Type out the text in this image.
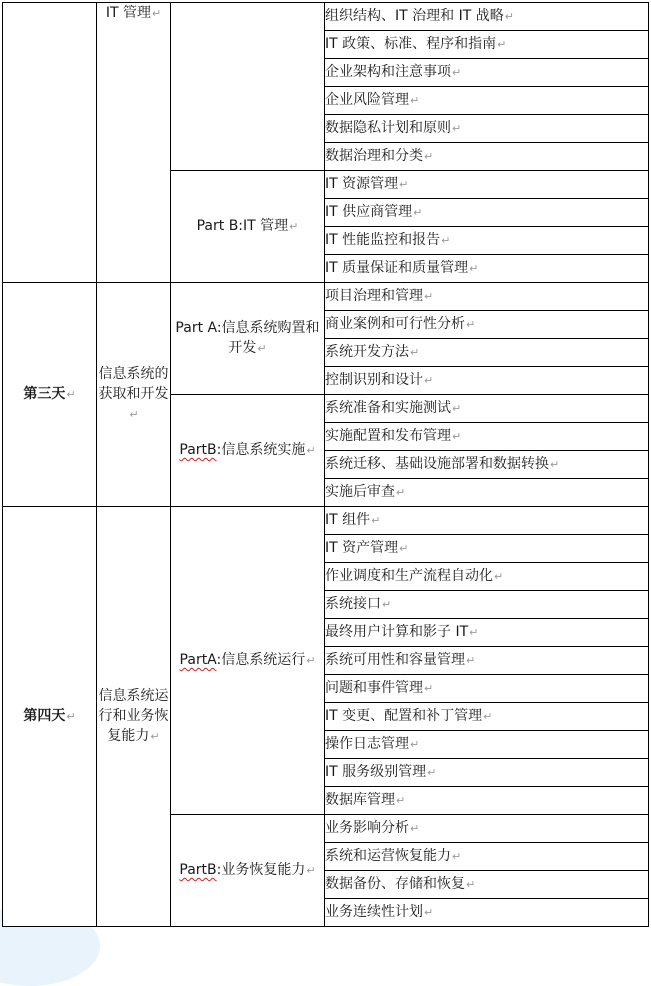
	IT 管理↵		组织结构、IT 治理和 IT 战略↵
			IT 政策、标准、程序和指南↵
			企业架构和注意事项↵
			企业风险管理↵
			数据隐私计划和原则↵
			数据治理和分类↵
		Part B:IT 管理↵	IT 资源管理↵
			IT 供应商管理↵
			IT 性能监控和报告↵
			IT 质量保证和质量管理↵
第三天↵	信息系统的获取和开发↵	Part A:信息系统购置和开发↵	项目治理和管理↵
			商业案例和可行性分析↵
			系统开发方法↵
			控制识别和设计↵
		PartB:信息系统实施↵	系统准备和实施测试↵
			实施配置和发布管理↵
			系统迁移、基础设施部署和数据转换↵
			实施后审查↵
第四天↵	信息系统运行和业务恢复能力↵	PartA:信息系统运行↵	IT 组件↵
			IT 资产管理↵
			作业调度和生产流程自动化↵
			系统接口↵
			最终用户计算和影子 IT↵
			系统可用性和容量管理↵
			问题和事件管理↵
			IT 变更、配置和补丁管理↵
			操作日志管理↵
			IT 服务级别管理↵
			数据库管理↵
		PartB:业务恢复能力↵	业务影响分析↵
			系统和运营恢复能力↵
			数据备份、存储和恢复↵
			业务连续性计划↵
